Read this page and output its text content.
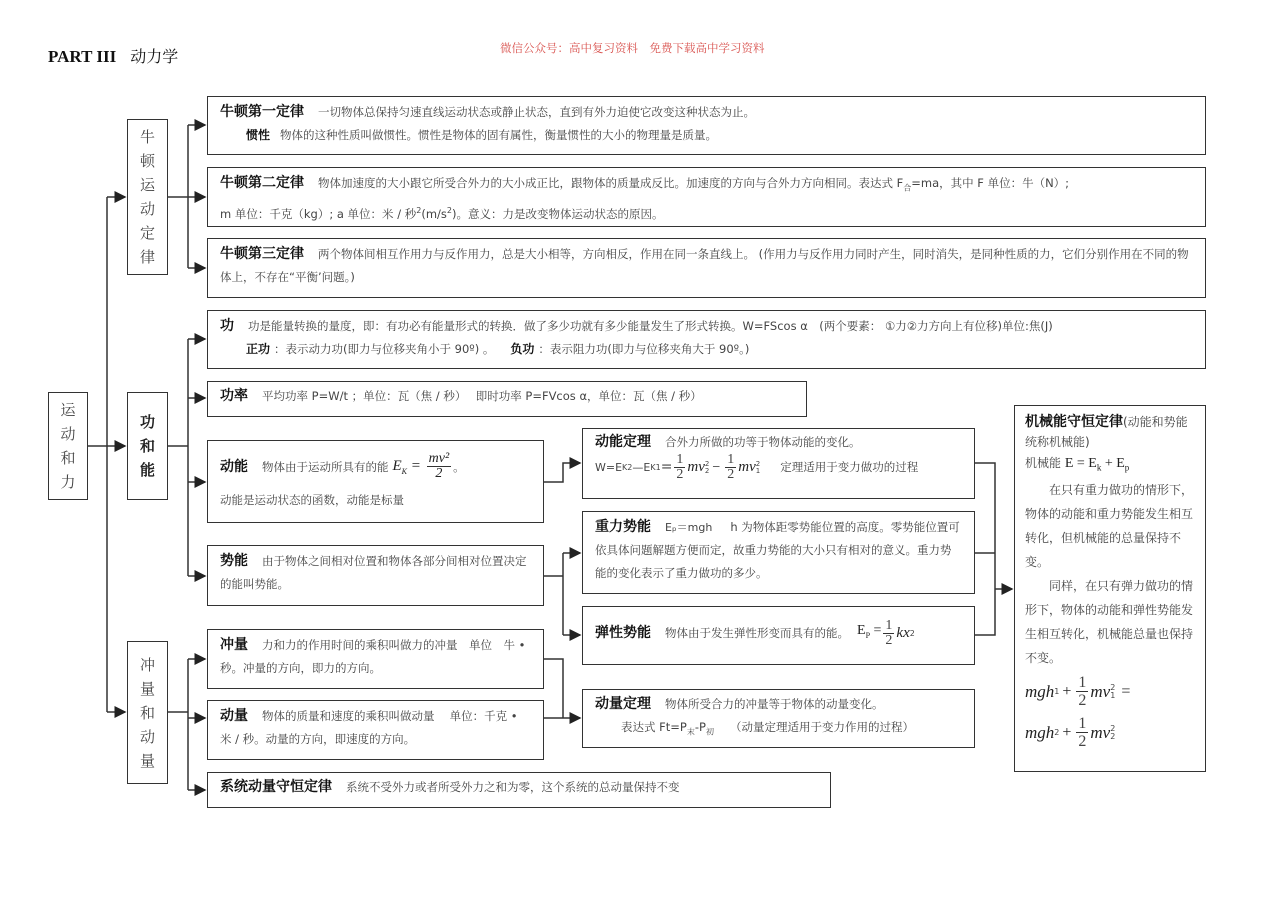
PART III 动力学	微信公众号：高中复习资料　免费下载高中学习资料
运
动
和
力
牛
顿
运
动
定
律
功
和
能
冲
量
和
动
量
牛顿第一定律 一切物体总保持匀速直线运动状态或静止状态，直到有外力迫使它改变这种状态为止。
惯性 物体的这种性质叫做惯性。惯性是物体的固有属性，衡量惯性的大小的物理量是质量。
牛顿第二定律 物体加速度的大小跟它所受合外力的大小成正比，跟物体的质量成反比。加速度的方向与合外力方向相同。表达式 $F_合=ma$，其中 F 单位：牛（N）;
m 单位：千克（kg）; a 单位：米 / 秒$^2(m/s^2)$。意义：力是改变物体运动状态的原因。
牛顿第三定律 两个物体间相互作用力与反作用力，总是大小相等，方向相反，作用在同一条直线上。 (作用力与反作用力同时产生，同时消失，是同种性质的力，它们分别作用在不同的物体上，不存在“平衡’问题。)
功 功是能量转换的量度，即：有功必有能量形式的转换．做了多少功就有多少能量发生了形式转换。W=FScos α　(两个要素： ①力②力方向上有位移)单位:焦(J)
正功 ：表示动力功(即力与位移夹角小于 90º) 。 负功 ：表示阻力功(即力与位移夹角大于 90º。)
功率 平均功率 P=W/t ；单位：瓦（焦 / 秒）　 即时功率 P=FVcos α，单位：瓦（焦 / 秒）
动能 物体由于运动所具有的能 $E_K = \frac{\text{mv²}}{2}$ 。
动能是运动状态的函数，动能是标量
势能 由于物体之间相对位置和物体各部分间相对位置决定的能叫势能。
冲量 力和力的作用时间的乘积叫做力的冲量　单位　牛 • 秒。冲量的方向，即力的方向。
动量 物体的质量和速度的乘积叫做动量　 单位：千克 • 米 / 秒。动量的方向，即速度的方向。
系统动量守恒定律 系统不受外力或者所受外力之和为零，这个系统的总动量保持不变
动能定理 合外力所做的功等于物体动能的变化。
W=E K2 —E $K1 = \frac{1}{2}$ mv 2
$2 - \frac{1}{2}$ mv 2
1 定理适用于变力做功的过程
重力势能 Eₚ＝mgh h 为物体距零势能位置的高度。零势能位置可依具体问题解题方便而定，故重力势能的大小只有相对的意义。重力势能的变化表示了重力做功的多少。
弹性势能 物体由于发生弹性形变而具有的能。 $E_P = \frac{1}{2}$ kx 2
动量定理 物体所受合力的冲量等于物体的动量变化。
表达式 $Ft=P_末-P_初$ （动量定理适用于变力作用的过程）
机械能守恒定律(动能和势能统称机械能)
机械能 $E = E_k + E_p$
在只有重力做功的情形下，物体的动能和重力势能发生相互转化，但机械能的总量保持不变。
同样，在只有弹力做功的情形下，物体的动能和弹性势能发生相互转化，机械能总量也保持不变。
mgh $1 + \frac{1}{2}$ mv 2
1 =
mgh $2 + \frac{1}{2}$ mv 2
2
